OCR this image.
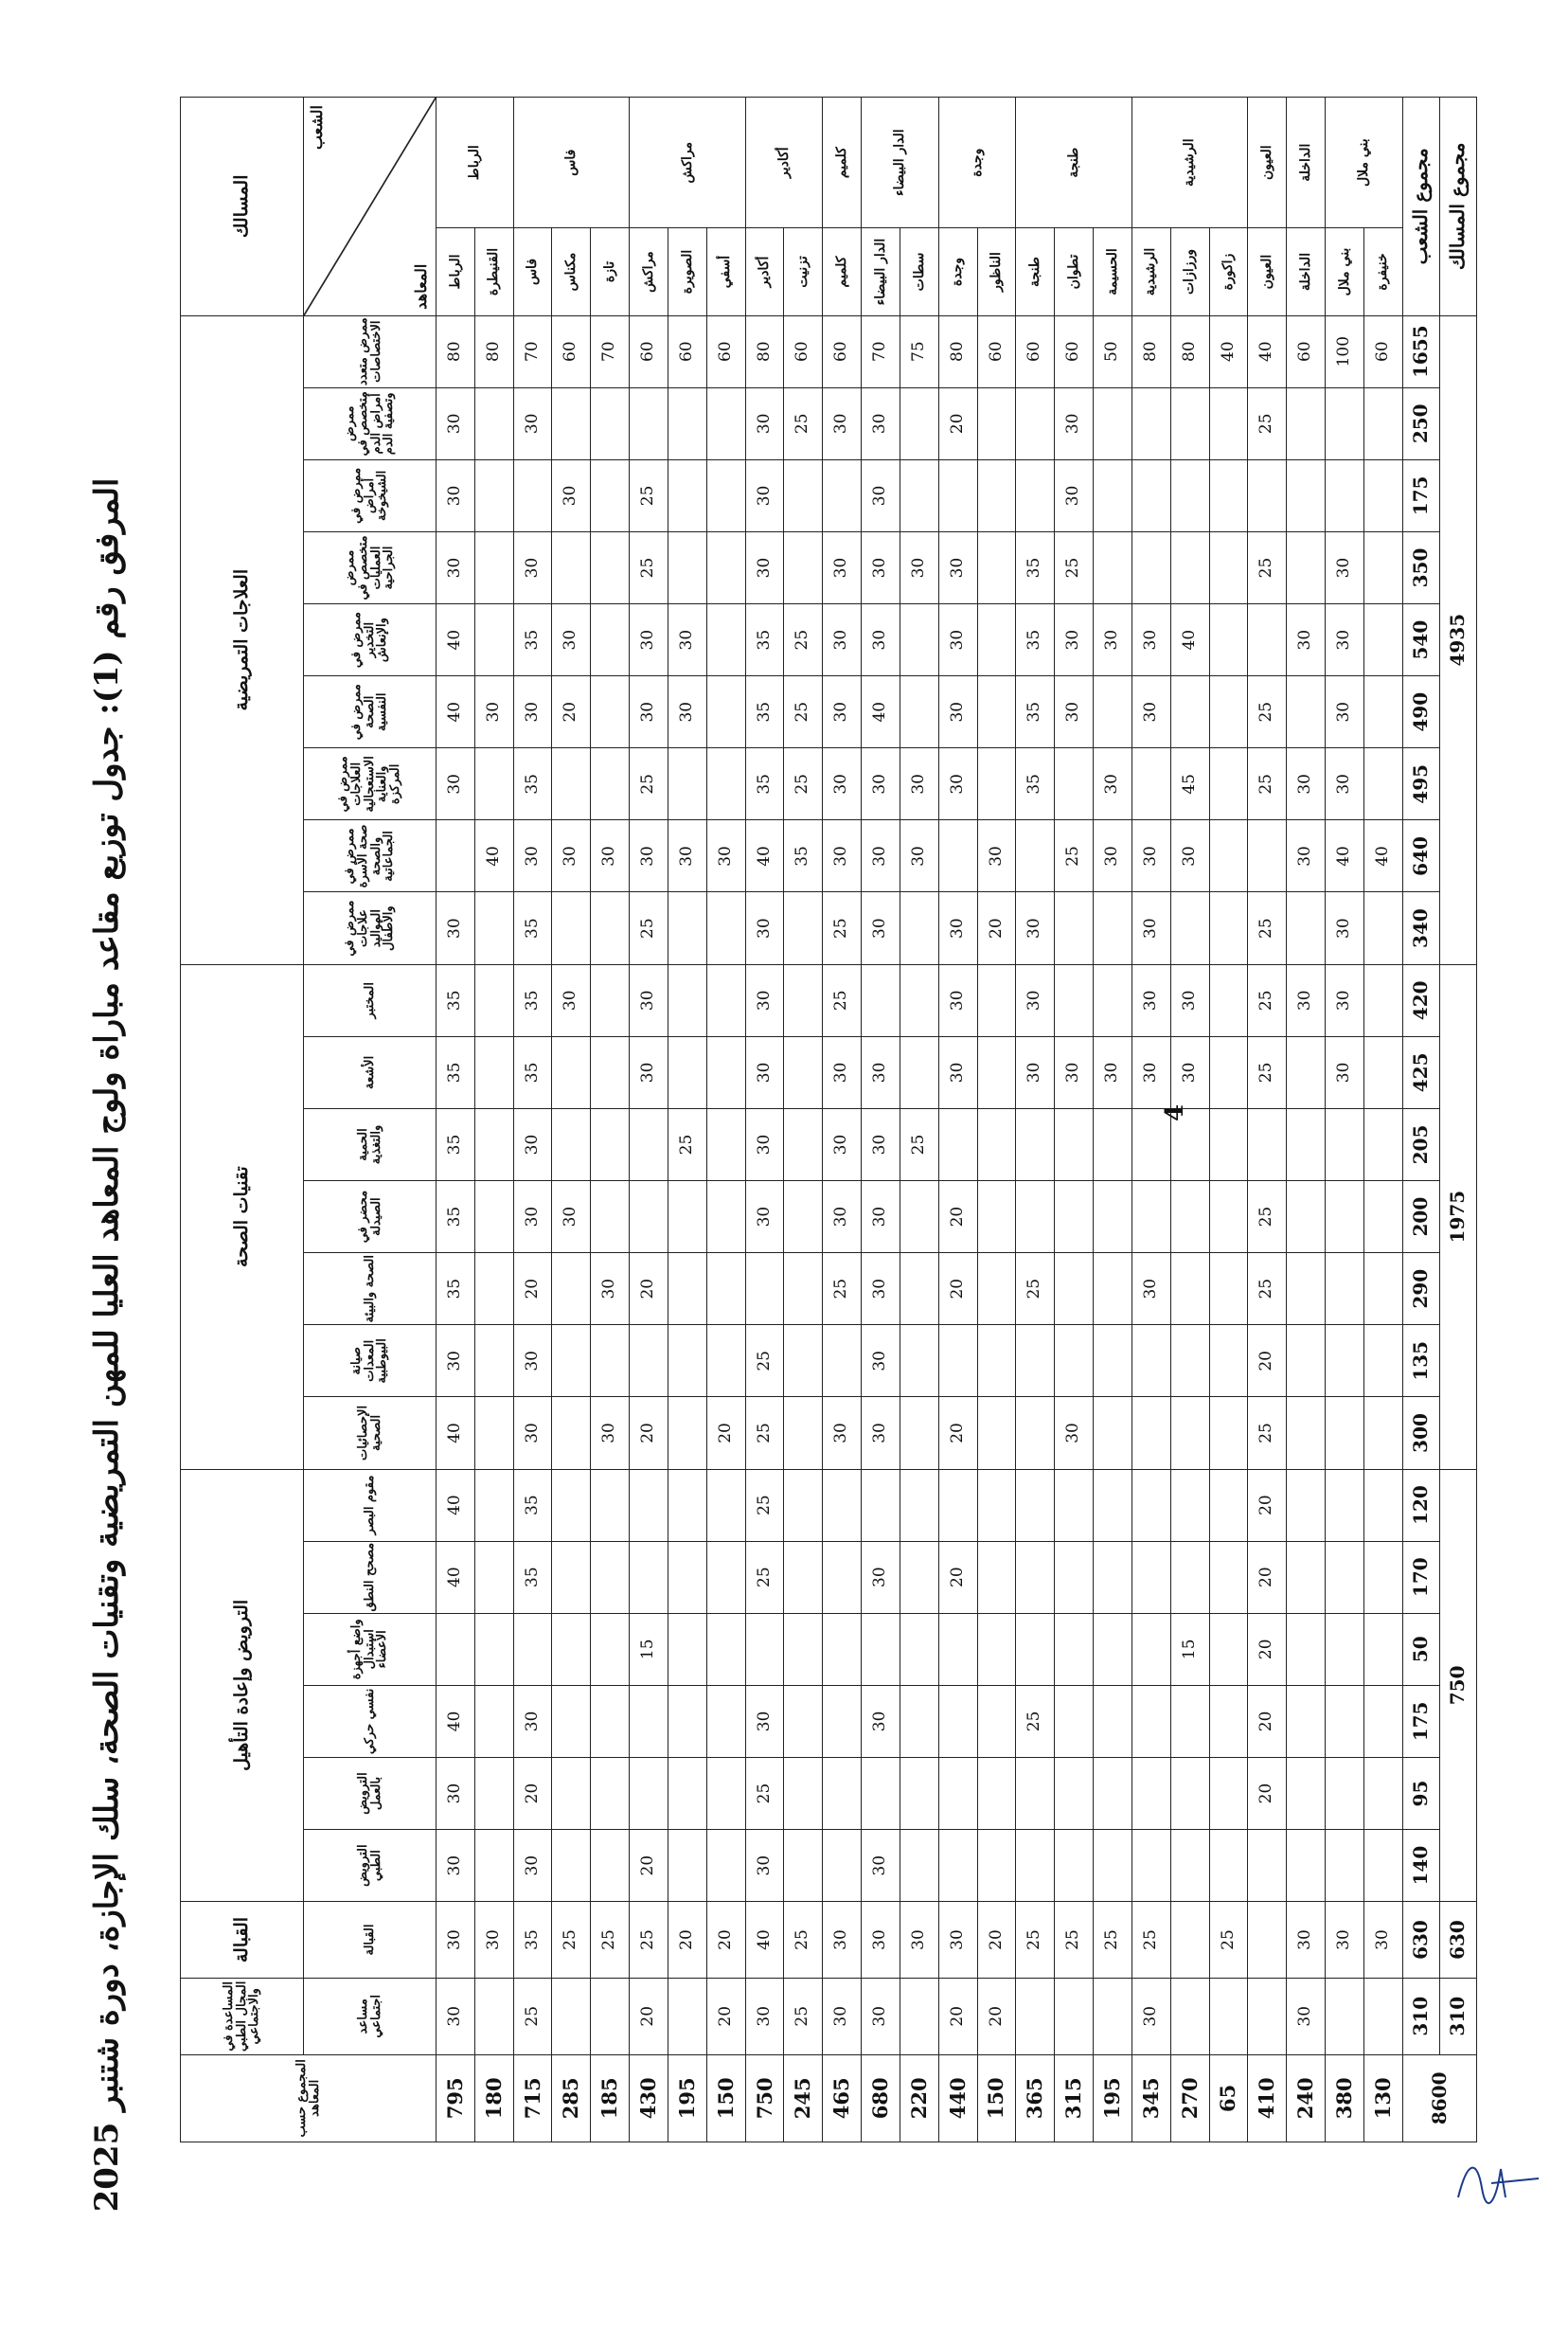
المرفق رقم (1): جدول توزيع مقاعد مباراة ولوج المعاهد العليا للمهن التمريضية وتقنيات الصحة، سلك الإجازة، دورة شتنبر 2025
المسالك		العلاجات التمريضية									تقنيات الصحة							الترويض وإعادة التأهيل						القبالة	المساعدة في المجال الطبي والاجتماعي	المجموع حسب المعاهد

الشعب
المعاهد		ممرض متعدد الاختصاصات	ممرض متخصص في أمراض الدم وتصفية الدم	ممرض في أمراض الشيخوخة	ممرض متخصص في العمليات الجراحية	ممرض في التخدير والإنعاش	ممرض في الصحة النفسية	ممرض في العلاجات الاستعجالية والعناية المركزة	ممرض في صحة الأسرة والصحة الجماعاتية	ممرض في علاجات المواليد والأطفال	المختبر	الأشعة	الحمية والتغذية	محضر في الصيدلة	الصحة والبيئة	صيانة المعدات البيوطبية	الإحصائيات الصحية	مقوم البصر	مصحح النطق	واضع أجهزة استبدال الأعضاء	نفسي حركي	الترويض بالعمل	الترويض الطبي	القبالة	مساعد اجتماعي	
الرباط	الرباط	80	30	30	30	40	40	30		30	35	35	35	35	35	30	40	40	40		40	30	30	30	30	795
	القنيطرة	80					30		40															30		180
فاس	فاس	70	30		30	35	30	35	30	35	35	35	30	30	20	30	30	35	35		30	20	30	35	25	715
	مكناس	60		30		30	20		30		30			30										25		285
	تازة	70							30						30		30							25		185
مراكش	مراكش	60		25	25	30	30	25	30	25	30	30			20		20			15			20	25	20	430
	الصويرة	60				30	30		30				25											20		195
	أسفي	60							30								20							20	20	150
أكادير	أكادير	80	30	30	30	35	35	35	40	30	30	30	30	30		25	25	25	25		30	25	30	40	30	750
	تزنيت	60	25			25	25	25	35															25	25	245
كلميم	كلميم	60	30		30	30	30	30	30	25	25	30	30	30	25		30							30	30	465
الدار البيضاء	الدار البيضاء	70	30	30	30	30	40	30	30	30		30	30	30	30	30	30		30		30		30	30	30	680
	سطات	75			30			30	30				25											30		220
وجدة	وجدة	80	20		30	30	30	30		30	30	30		20	20		20		20					30	20	440
	الناظور	60							30	20														20	20	150
طنجة	طنجة	60			35	35	35	35		30	30	30			25						25			25		365
	تطوان	60	30	30	25	30	30		25			30					30							25		315
	الحسيمة	50				30		30	30			30												25		195
الرشيدية	الرشيدية	80				30	30		30	30	30	30			30									25	30	345
	ورزازات	80				40		45	30		30	30								15						270
	زاكورة	40																						25		65
العيون	العيون	40	25		25		25	25		25	25	25		25	25	20	25	20	20	20	20	20				410
الداخلة	الداخلة	60				30		30	30		30													30	30	240
بني ملال	بني ملال	100			30	30	30	30	40	30	30	30												30		380
	خنيفرة	60							40															30		130
مجموع الشعب		1655	250	175	350	540	490	495	640	340	420	425	205	200	290	135	300	120	170	50	175	95	140	630	310	8600
مجموع المسالك		4935									1975							750						630	310	
4
